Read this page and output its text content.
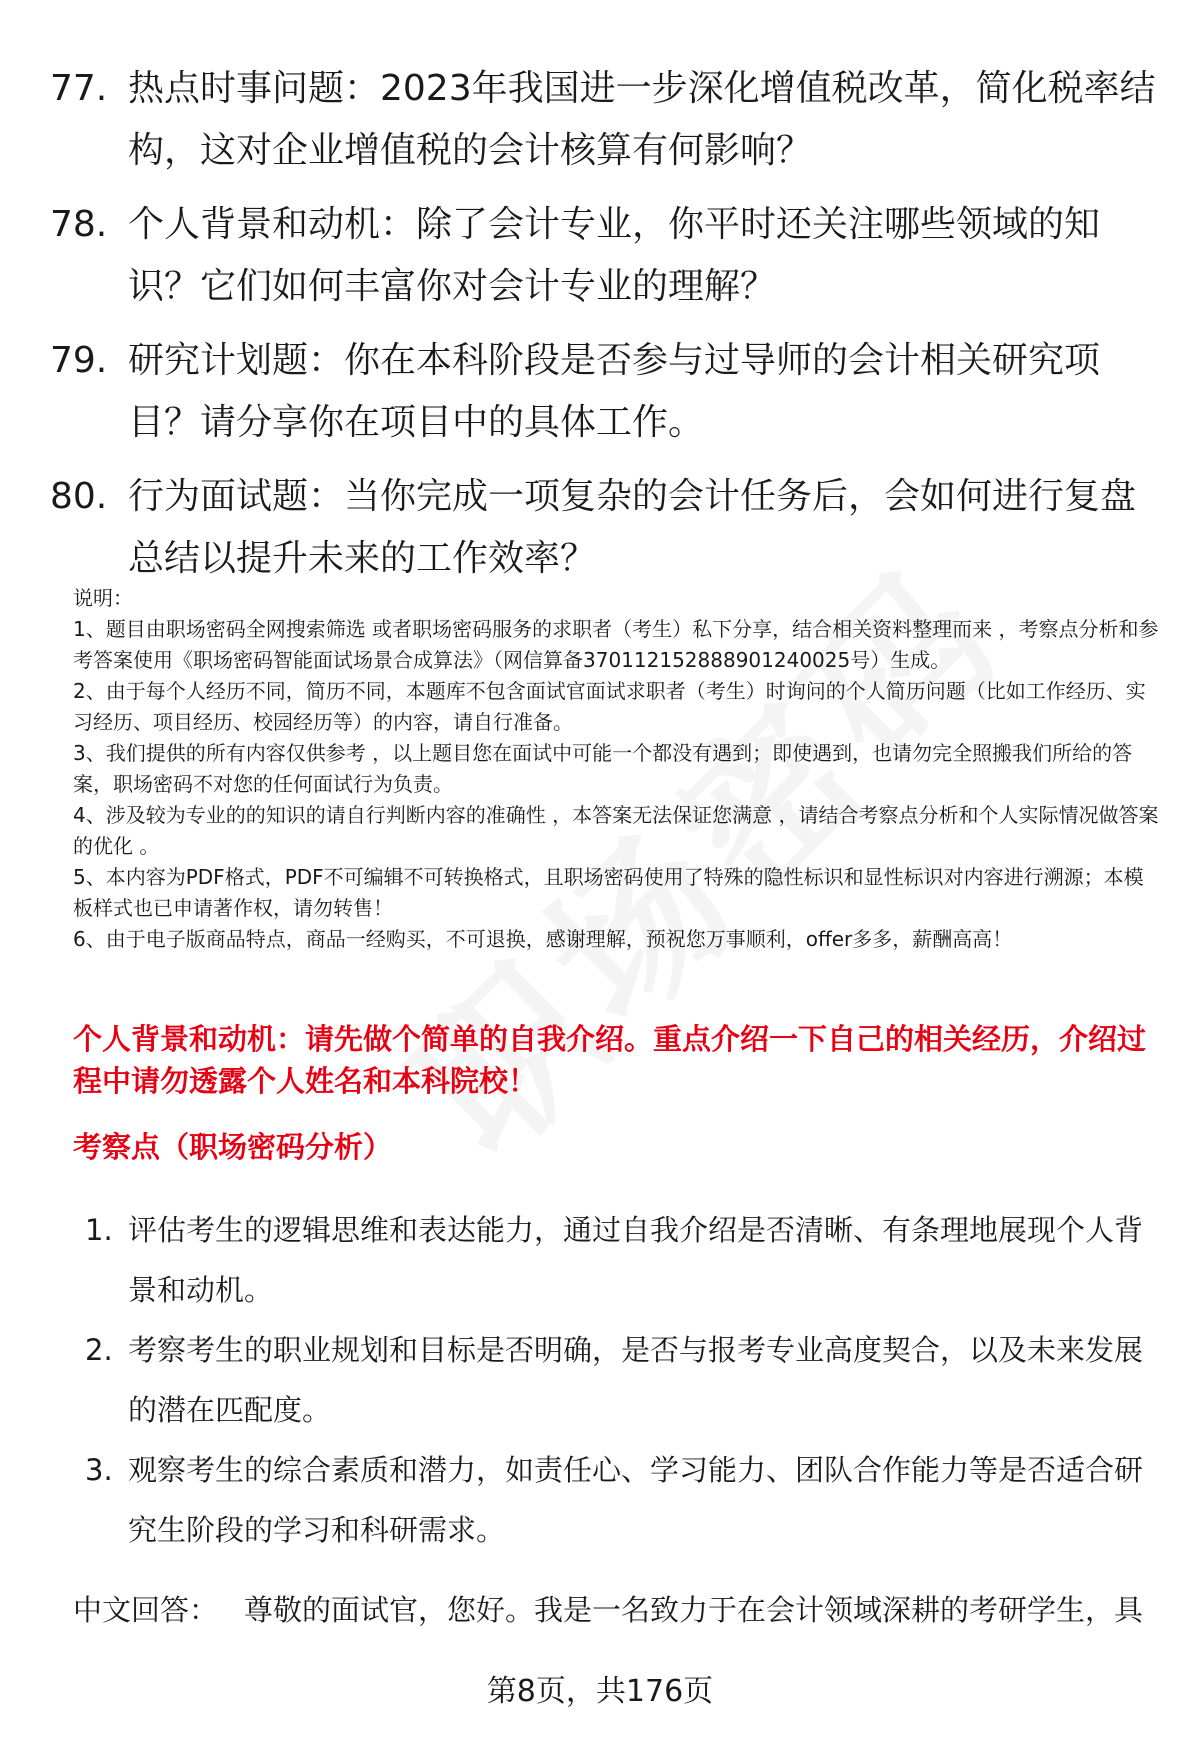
77. 热点时事问题：2023年我国进一步深化增值税改革，简化税率结构，这对企业增值税的会计核算有何影响？
78. 个人背景和动机：除了会计专业，你平时还关注哪些领域的知识？它们如何丰富你对会计专业的理解？
79. 研究计划题：你在本科阶段是否参与过导师的会计相关研究项目？请分享你在项目中的具体工作。
80. 行为面试题：当你完成一项复杂的会计任务后，会如何进行复盘总结以提升未来的工作效率？

说明：

1、题目由职场密码全网搜索筛选 或者职场密码服务的求职者（考生）私下分享，结合相关资料整理而来 ，考察点分析和参考答案使用《职场密码智能面试场景合成算法》（网信算备370112152888901240025号）生成。

2、由于每个人经历不同，简历不同，本题库不包含面试官面试求职者（考生）时询问的个人简历问题（比如工作经历、实习经历、项目经历、校园经历等）的内容，请自行准备。

3、我们提供的所有内容仅供参考 ，以上题目您在面试中可能一个都没有遇到；即使遇到，也请勿完全照搬我们所给的答案，职场密码不对您的任何面试行为负责。

4、涉及较为专业的的知识的请自行判断内容的准确性 ，本答案无法保证您满意 ，请结合考察点分析和个人实际情况做答案的优化 。

5、本内容为PDF格式，PDF不可编辑不可转换格式，且职场密码使用了特殊的隐性标识和显性标识对内容进行溯源；本模板样式也已申请著作权，请勿转售！

6、由于电子版商品特点，商品一经购买，不可退换，感谢理解，预祝您万事顺利，offer多多，薪酬高高！

个人背景和动机：请先做个简单的自我介绍。重点介绍一下自己的相关经历，介绍过程中请勿透露个人姓名和本科院校！
考察点（职场密码分析）
1. 评估考生的逻辑思维和表达能力，通过自我介绍是否清晰、有条理地展现个人背景和动机。
2. 考察考生的职业规划和目标是否明确，是否与报考专业高度契合，以及未来发展的潜在匹配度。
3. 观察考生的综合素质和潜力，如责任心、学习能力、团队合作能力等是否适合研究生阶段的学习和科研需求。
中文回答： 尊敬的面试官，您好。我是一名致力于在会计领域深耕的考研学生，具
第8页，共176页
